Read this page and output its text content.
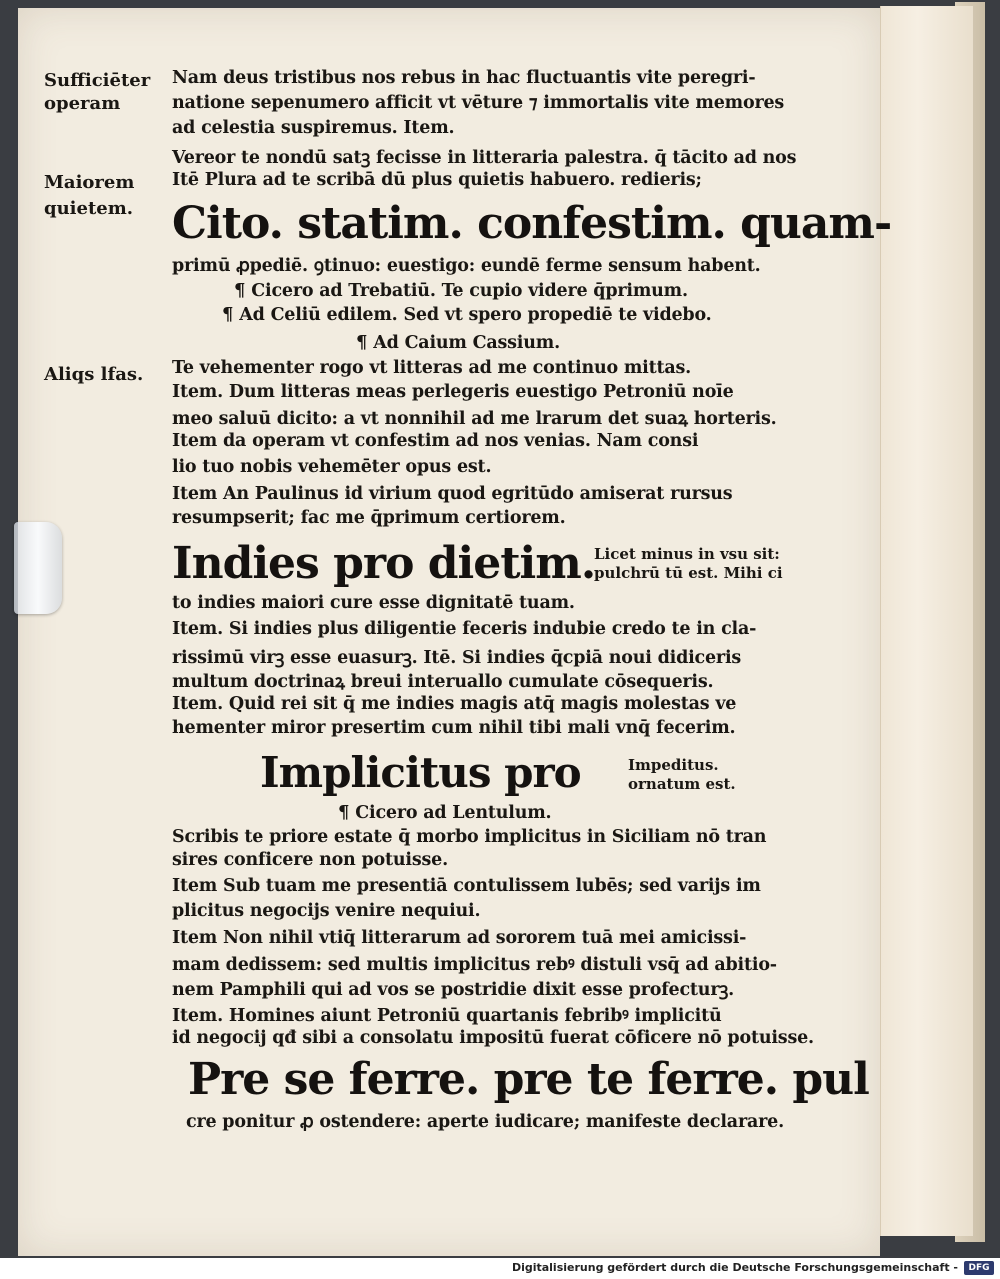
Sufficiēter
operam
Maiorem
quietem.
Aliqs lfas.
Nam deus tristibus nos rebus in hac fluctuantis vite peregri-
natione sepenumero afficit vt vēture ⁊ immortalis vite memores
ad celestia suspiremus. Item.
Vereor te nondū satꝫ fecisse in litteraria palestra. q̄ tācito ad nos
Itē Plura ad te scribā dū plus quietis habuero. redieris;
Cito. statim. confestim. quam-
primū ꝓpediē. ꝯtinuo: euestigo: eundē ferme sensum habent.
¶ Cicero ad Trebatiū. Te cupio videre q̄primum.
¶ Ad Celiū edilem. Sed vt spero propediē te videbo.
¶ Ad Caium Cassium.
Te vehementer rogo vt litteras ad me continuo mittas.
Item. Dum litteras meas perlegeris euestigo Petroniū noīe
meo saluū dicito: a vt nonnihil ad me lrarum det suaꝝ horteris.
Item da operam vt confestim ad nos venias. Nam consi
lio tuo nobis vehemēter opus est.
Item An Paulinus id virium quod egritūdo amiserat rursus
resumpserit; fac me q̄primum certiorem.
Indies pro dietim.
Licet minus in vsu sit:
pulchrū tū est. Mihi ci
to indies maiori cure esse dignitatē tuam.
Item. Si indies plus diligentie feceris indubie credo te in cla-
rissimū virꝫ esse euasurꝫ. Itē. Si indies q̄cpiā noui didiceris
multum doctrinaꝝ breui interuallo cumulate cōsequeris.
Item. Quid rei sit q̄ me indies magis atq̄ magis molestas ve
hementer miror presertim cum nihil tibi mali vnq̄ fecerim.
Implicitus pro	Impeditus.
ornatum est.
¶ Cicero ad Lentulum.
Scribis te priore estate q̄ morbo implicitus in Siciliam nō tran
sires conficere non potuisse.
Item Sub tuam me presentiā contulissem lubēs; sed varijs im
plicitus negocijs venire nequiui.
Item Non nihil vtiq̄ litterarum ad sororem tuā mei amicissi-
mam dedissem: sed multis implicitus rebꝰ distuli vsq̄ ad abitio-
nem Pamphili qui ad vos se postridie dixit esse profecturꝫ.
Item. Homines aiunt Petroniū quartanis febribꝰ implicitū
id negocij qđ sibi a consolatu impositū fuerat cōficere nō potuisse.
Pre se ferre. pre te ferre. pul
cre ponitur ꝓ ostendere: aperte iudicare; manifeste declarare.
Digitalisierung gefördert durch die Deutsche Forschungsgemeinschaft -	DFG
